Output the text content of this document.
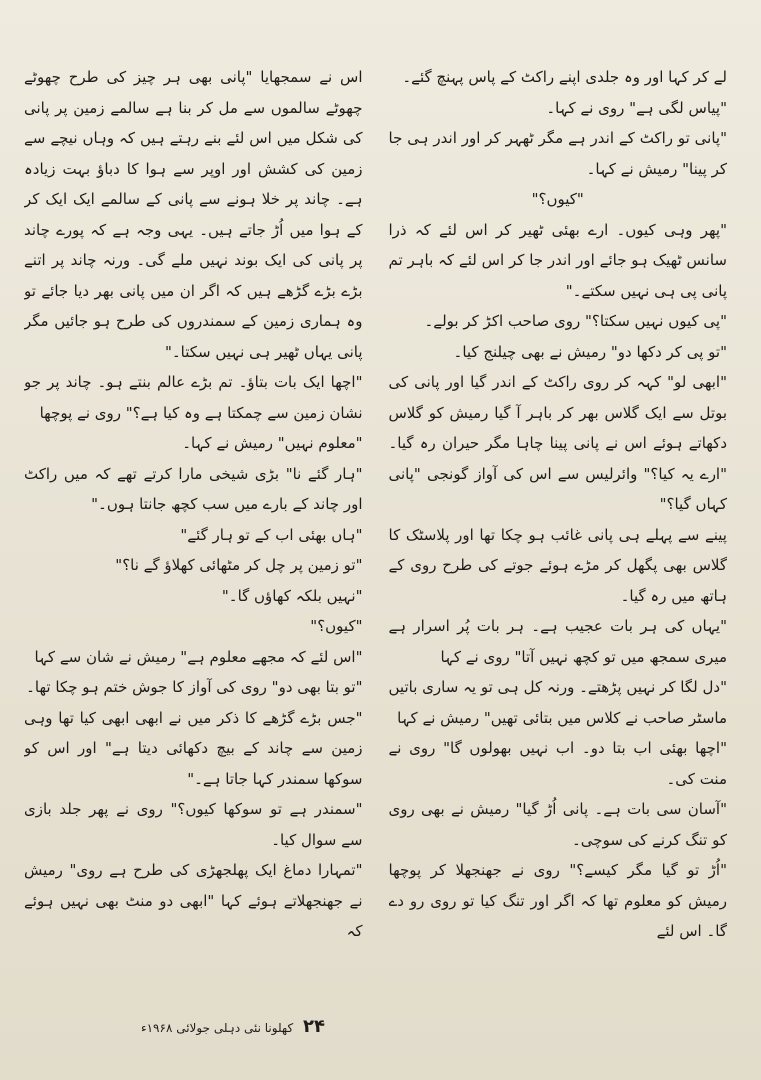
لے کر کہا اور وہ جلدی اپنے راکٹ کے پاس پہنچ گئے۔

"پیاس لگی ہے" روی نے کہا۔

"پانی تو راکٹ کے اندر ہے مگر ٹھہر کر اور اندر ہی جا کر پینا" رمیش نے کہا۔

"کیوں؟"

"پھر وہی کیوں۔ ارے بھئی ٹھیر کر اس لئے کہ ذرا سانس ٹھیک ہو جائے اور اندر جا کر اس لئے کہ باہر تم پانی پی ہی نہیں سکتے۔"

"پی کیوں نہیں سکتا؟" روی صاحب اکڑ کر بولے۔

"تو پی کر دکھا دو" رمیش نے بھی چیلنج کیا۔

"ابھی لو" کہہ کر روی راکٹ کے اندر گیا اور پانی کی بوتل سے ایک گلاس بھر کر باہر آ گیا رمیش کو گلاس دکھاتے ہوئے اس نے پانی پینا چاہا مگر حیران رہ گیا۔ "ارے یہ کیا؟" وائرلیس سے اس کی آواز گونجی "پانی کہاں گیا؟"

پینے سے پہلے ہی پانی غائب ہو چکا تھا اور پلاسٹک کا گلاس بھی پگھل کر مڑے ہوئے جوتے کی طرح روی کے ہاتھ میں رہ گیا۔

"یہاں کی ہر بات عجیب ہے۔ ہر بات پُر اسرار ہے میری سمجھ میں تو کچھ نہیں آتا" روی نے کہا

"دل لگا کر نہیں پڑھتے۔ ورنہ کل ہی تو یہ ساری باتیں ماسٹر صاحب نے کلاس میں بتائی تھیں" رمیش نے کہا

"اچھا بھئی اب بتا دو۔ اب نہیں بھولوں گا" روی نے منت کی۔

"آسان سی بات ہے۔ پانی اُڑ گیا" رمیش نے بھی روی کو تنگ کرنے کی سوچی۔

"اُڑ تو گیا مگر کیسے؟" روی نے جھنجھلا کر پوچھا رمیش کو معلوم تھا کہ اگر اور تنگ کیا تو روی رو دے گا۔ اس لئے

اس نے سمجھایا "پانی بھی ہر چیز کی طرح چھوٹے چھوٹے سالموں سے مل کر بنا ہے سالمے زمین پر پانی کی شکل میں اس لئے بنے رہتے ہیں کہ وہاں نیچے سے زمین کی کشش اور اوپر سے ہوا کا دباؤ بہت زیادہ ہے۔ چاند پر خلا ہونے سے پانی کے سالمے ایک ایک کر کے ہوا میں اُڑ جاتے ہیں۔ یہی وجہ ہے کہ پورے چاند پر پانی کی ایک بوند نہیں ملے گی۔ ورنہ چاند پر اتنے بڑے بڑے گڑھے ہیں کہ اگر ان میں پانی بھر دیا جائے تو وہ ہماری زمین کے سمندروں کی طرح ہو جائیں مگر پانی یہاں ٹھیر ہی نہیں سکتا۔"

"اچھا ایک بات بتاؤ۔ تم بڑے عالم بنتے ہو۔ چاند پر جو نشان زمین سے چمکتا ہے وہ کیا ہے؟" روی نے پوچھا

"معلوم نہیں" رمیش نے کہا۔

"ہار گئے نا" بڑی شیخی مارا کرتے تھے کہ میں راکٹ اور چاند کے بارے میں سب کچھ جانتا ہوں۔"

"ہاں بھئی اب کے تو ہار گئے"

"تو زمین پر چل کر مٹھائی کھلاؤ گے نا؟"

"نہیں بلکہ کھاؤں گا۔"

"کیوں؟"

"اس لئے کہ مجھے معلوم ہے" رمیش نے شان سے کہا

"تو بتا بھی دو" روی کی آواز کا جوش ختم ہو چکا تھا۔

"جس بڑے گڑھے کا ذکر میں نے ابھی ابھی کیا تھا وہی زمین سے چاند کے بیچ دکھائی دیتا ہے" اور اس کو سوکھا سمندر کہا جاتا ہے۔"

"سمندر ہے تو سوکھا کیوں؟" روی نے پھر جلد بازی سے سوال کیا۔

"تمہارا دماغ ایک پھلجھڑی کی طرح ہے روی" رمیش نے جھنجھلاتے ہوئے کہا "ابھی دو منٹ بھی نہیں ہوئے کہ

۲۴ کھلونا نئی دہلی جولائی ۱۹۶۸ء
